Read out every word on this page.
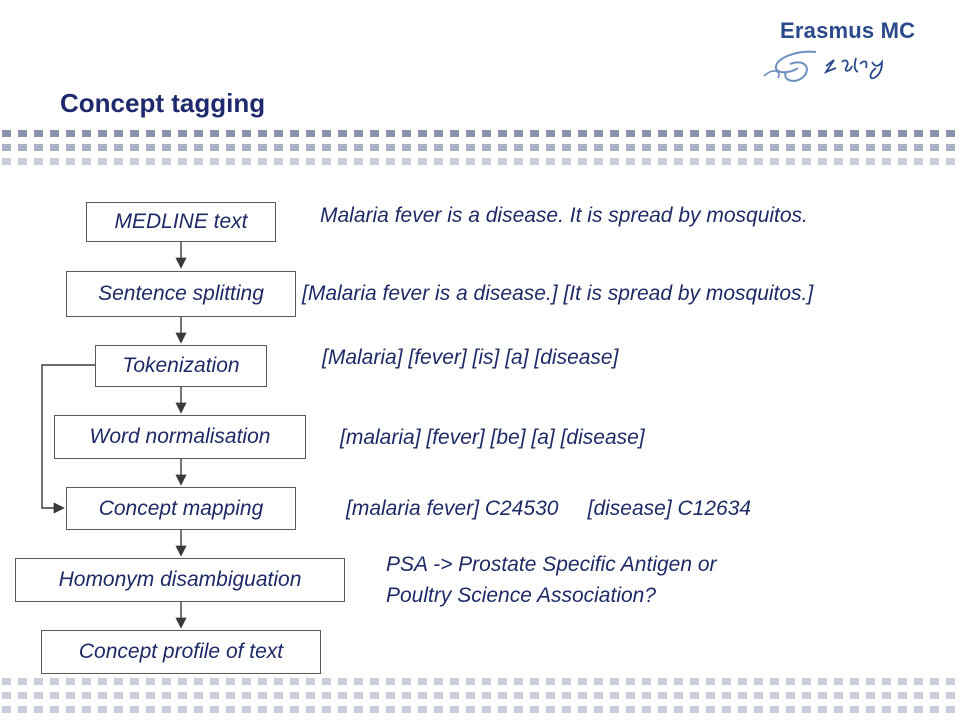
Erasmus MC
Concept tagging
MEDLINE text
Sentence splitting
Tokenization
Word normalisation
Concept mapping
Homonym disambiguation
Concept profile of text
Malaria fever is a disease. It is spread by mosquitos.
[Malaria fever is a disease.] [It is spread by mosquitos.]
[Malaria] [fever] [is] [a] [disease]
[malaria] [fever] [be] [a] [disease]
[malaria fever] C24530     [disease] C12634
PSA -> Prostate Specific Antigen or
Poultry Science Association?
